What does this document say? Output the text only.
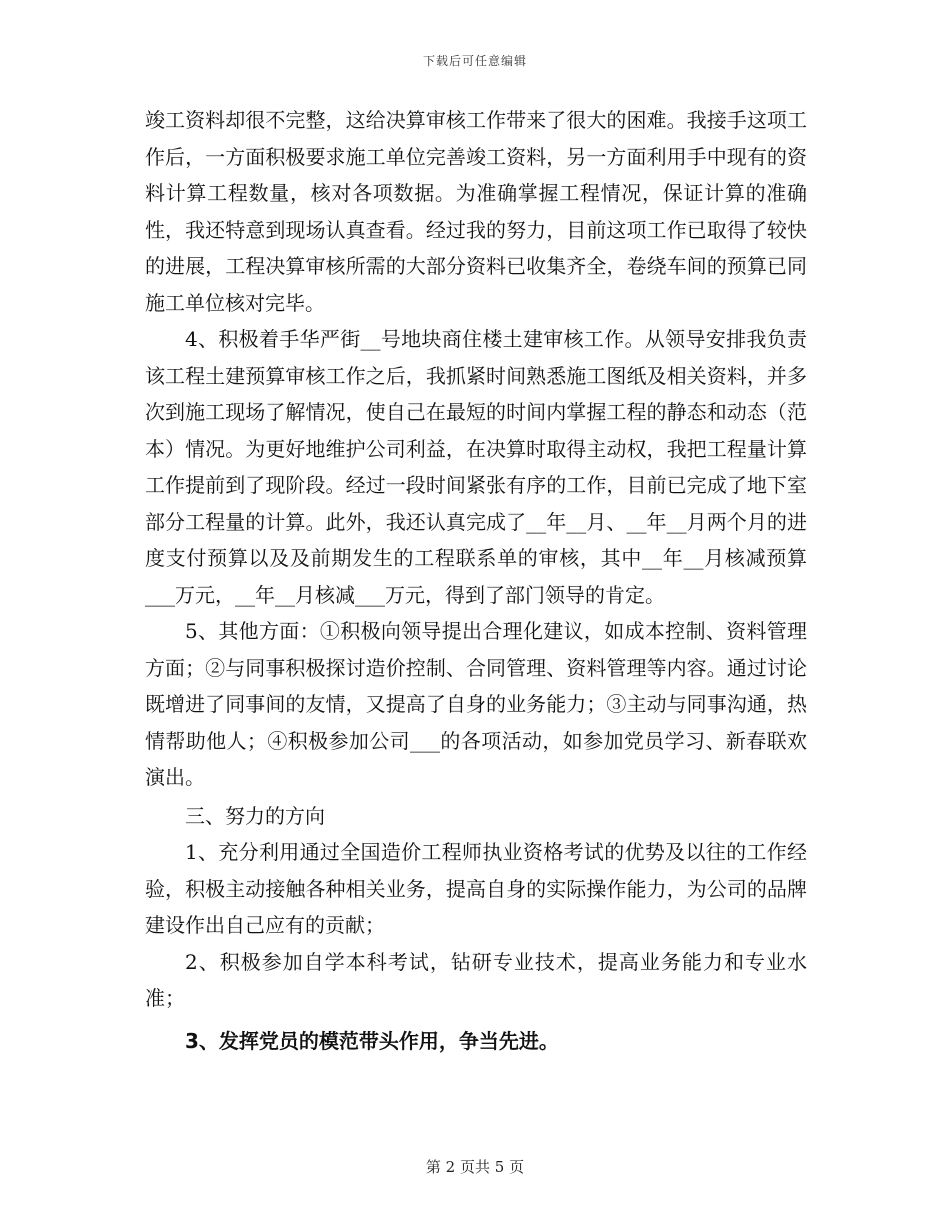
下载后可任意编辑

竣工资料却很不完整，这给决算审核工作带来了很大的困难。我接手这项工作后，一方面积极要求施工单位完善竣工资料，另一方面利用手中现有的资料计算工程数量，核对各项数据。为准确掌握工程情况，保证计算的准确性，我还特意到现场认真查看。经过我的努力，目前这项工作已取得了较快的进展，工程决算审核所需的大部分资料已收集齐全，卷绕车间的预算已同施工单位核对完毕。

4、积极着手华严街__号地块商住楼土建审核工作。从领导安排我负责该工程土建预算审核工作之后，我抓紧时间熟悉施工图纸及相关资料，并多次到施工现场了解情况，使自己在最短的时间内掌握工程的静态和动态（范本）情况。为更好地维护公司利益，在决算时取得主动权，我把工程量计算工作提前到了现阶段。经过一段时间紧张有序的工作，目前已完成了地下室部分工程量的计算。此外，我还认真完成了__年__月、__年__月两个月的进度支付预算以及及前期发生的工程联系单的审核，其中__年__月核减预算___万元，__年__月核减___万元，得到了部门领导的肯定。

5、其他方面：①积极向领导提出合理化建议，如成本控制、资料管理方面；②与同事积极探讨造价控制、合同管理、资料管理等内容。通过讨论既增进了同事间的友情，又提高了自身的业务能力；③主动与同事沟通，热情帮助他人；④积极参加公司___的各项活动，如参加党员学习、新春联欢演出。

三、努力的方向

1、充分利用通过全国造价工程师执业资格考试的优势及以往的工作经验，积极主动接触各种相关业务，提高自身的实际操作能力，为公司的品牌建设作出自己应有的贡献；

2、积极参加自学本科考试，钻研专业技术，提高业务能力和专业水准；

3、发挥党员的模范带头作用，争当先进。

第 2 页共 5 页
